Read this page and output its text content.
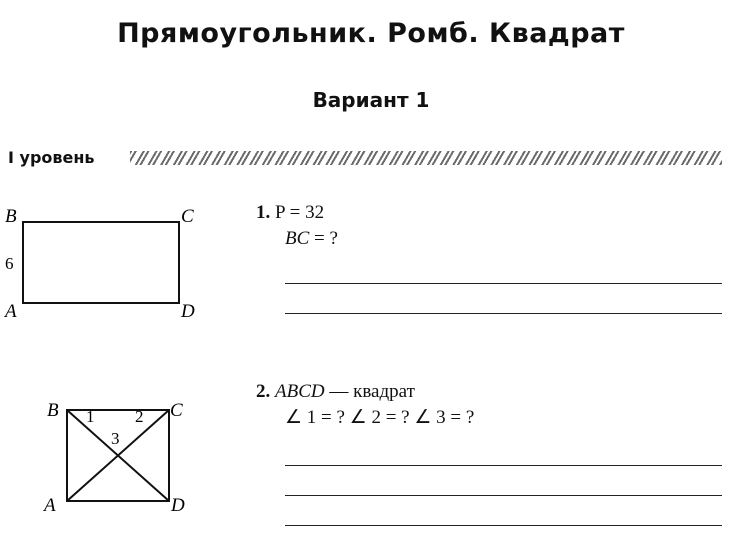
Прямоугольник. Ромб. Квадрат
Вариант 1
I уровень
B	C
A	D
6
B	C
A	D
1 2
3
1. P = 32
BC = ?
2. ABCD — квадрат
∠ 1 = ? ∠ 2 = ? ∠ 3 = ?
